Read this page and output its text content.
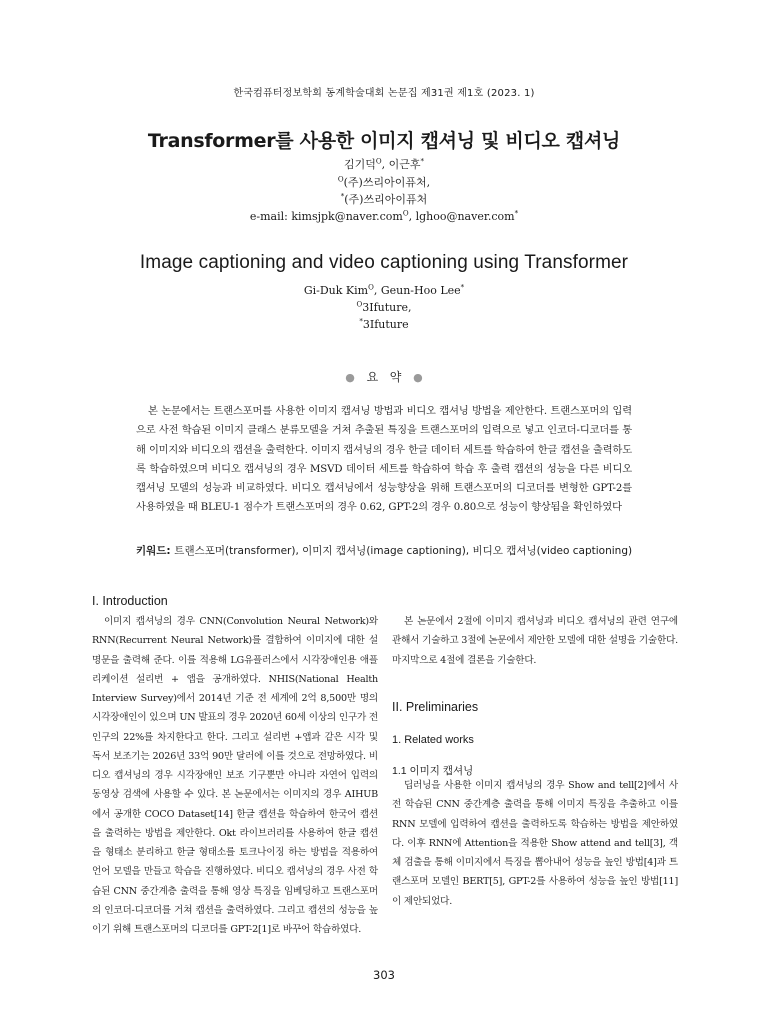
한국컴퓨터정보학회 동계학술대회 논문집 제31권 제1호 (2023. 1)
Transformer를 사용한 이미지 캡셔닝 및 비디오 캡셔닝
김기덕$^O$, 이근후*
$^O$(주)쓰리아이퓨처,
*(주)쓰리아이퓨처
e-mail: kimsjpk@naver.com$^O$, lghoo@naver.com*
Image captioning and video captioning using Transformer
Gi-Duk Kim$^O$, Geun-Hoo Lee*
$^O$3Ifuture,
*3Ifuture
● 요   약 ●
본 논문에서는 트랜스포머를 사용한 이미지 캡셔닝 방법과 비디오 캡셔닝 방법을 제안한다. 트랜스포머의 입력으로 사전 학습된 이미지 클래스 분류모델을 거쳐 추출된 특징을 트랜스포머의 입력으로 넣고 인코더-디코더를 통해 이미지와 비디오의 캡션을 출력한다. 이미지 캡셔닝의 경우 한글 데이터 세트를 학습하여 한글 캡션을 출력하도록 학습하였으며 비디오 캡셔닝의 경우 MSVD 데이터 세트를 학습하여 학습 후 출력 캡션의 성능을 다른 비디오 캡셔닝 모델의 성능과 비교하였다. 비디오 캡셔닝에서 성능향상을 위해 트랜스포머의 디코더를 변형한 GPT-2를 사용하였을 때 BLEU-1 점수가 트랜스포머의 경우 0.62, GPT-2의 경우 0.80으로 성능이 향상됨을 확인하였다
키워드: 트랜스포머(transformer), 이미지 캡셔닝(image captioning), 비디오 캡셔닝(video captioning)
I. Introduction
이미지 캡셔닝의 경우 CNN(Convolution Neural Network)와 RNN(Recurrent Neural Network)를 결합하여 이미지에 대한 설명문을 출력해 준다. 이를 적용해 LG유플러스에서 시각장애인용 애플리케이션 설리번 + 앱을 공개하였다. NHIS(National Health Interview Survey)에서 2014년 기준 전 세계에 2억 8,500만 명의 시각장애인이 있으며 UN 발표의 경우 2020년 60세 이상의 인구가 전 인구의 22%를 차지한다고 한다. 그리고 설리번 +앱과 같은 시각 및 독서 보조기는 2026년 33억 90만 달러에 이를 것으로 전망하였다. 비디오 캡셔닝의 경우 시각장애인 보조 기구뿐만 아니라 자연어 입력의 동영상 검색에 사용할 수 있다. 본 논문에서는 이미지의 경우 AIHUB에서 공개한 COCO Dataset[14] 한글 캡션을 학습하여 한국어 캡션을 출력하는 방법을 제안한다. Okt 라이브러리를 사용하여 한글 캡션을 형태소 분리하고 한글 형태소를 토크나이징 하는 방법을 적용하여 언어 모델을 만들고 학습을 진행하였다. 비디오 캡셔닝의 경우 사전 학습된 CNN 중간계층 출력을 통해 영상 특징을 임베딩하고 트랜스포머의 인코더-디코더를 거쳐 캡션을 출력하였다. 그리고 캡션의 성능을 높이기 위해 트랜스포머의 디코더를 GPT-2[1]로 바꾸어 학습하였다.
본 논문에서 2절에 이미지 캡셔닝과 비디오 캡셔닝의 관련 연구에 관해서 기술하고 3절에 논문에서 제안한 모델에 대한 설명을 기술한다. 마지막으로 4절에 결론을 기술한다.
II. Preliminaries
1. Related works
1.1 이미지 캡셔닝
딥러닝을 사용한 이미지 캡셔닝의 경우 Show and tell[2]에서 사전 학습된 CNN 중간계층 출력을 통해 이미지 특징을 추출하고 이를 RNN 모델에 입력하여 캡션을 출력하도록 학습하는 방법을 제안하였다. 이후 RNN에 Attention을 적용한 Show attend and tell[3], 객체 검출을 통해 이미지에서 특징을 뽑아내어 성능을 높인 방법[4]과 트랜스포머 모델인 BERT[5], GPT-2를 사용하여 성능을 높인 방법[11]이 제안되었다.
303
